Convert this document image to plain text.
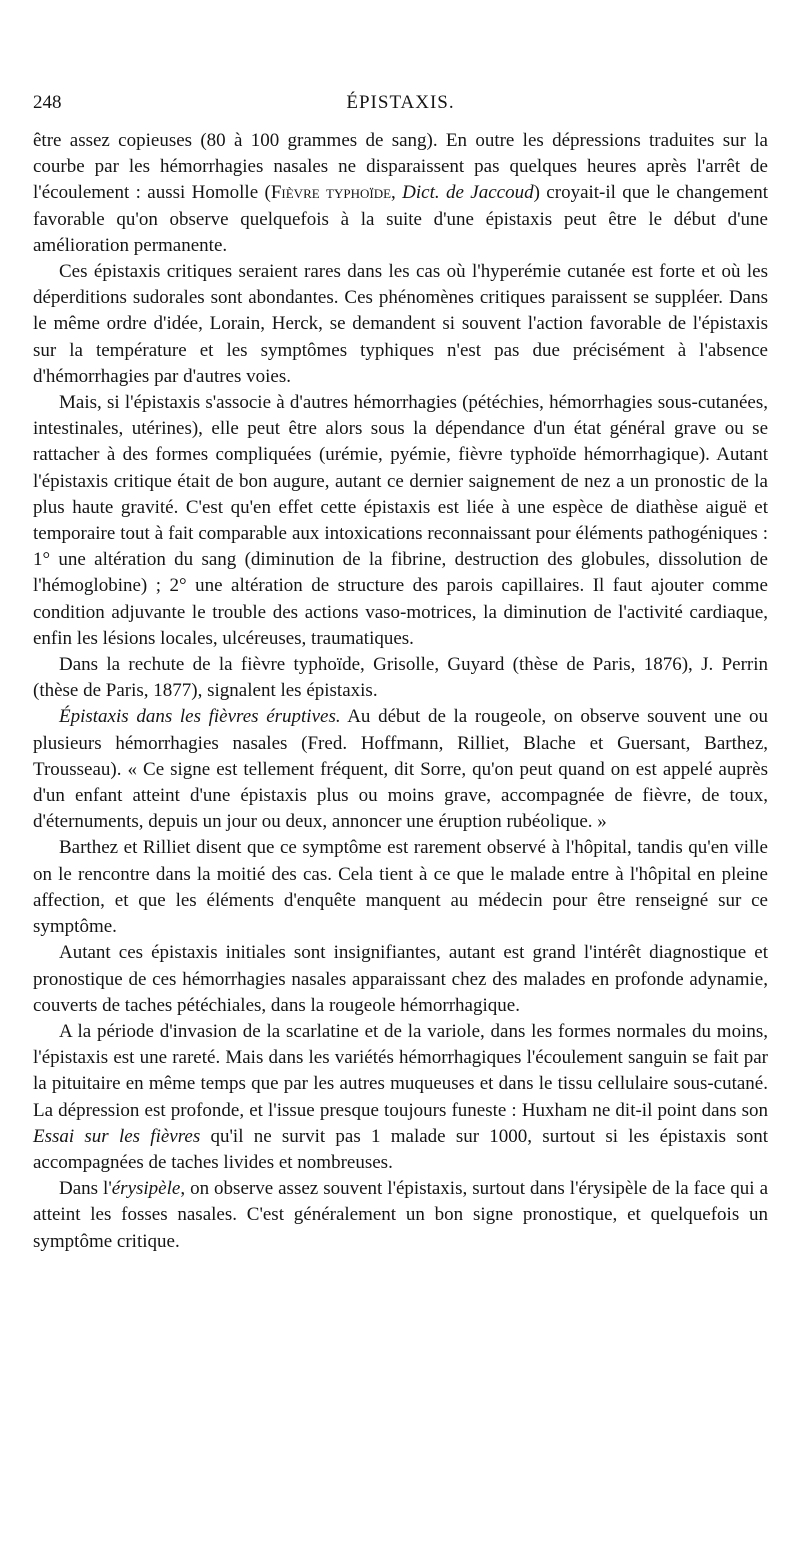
248	ÉPISTAXIS.

être assez copieuses (80 à 100 grammes de sang). En outre les dépressions traduites sur la courbe par les hémorrhagies nasales ne disparaissent pas quelques heures après l'arrêt de l'écoulement : aussi Homolle (Fièvre typhoïde, Dict. de Jaccoud) croyait-il que le changement favorable qu'on observe quelquefois à la suite d'une épistaxis peut être le début d'une amélioration permanente.

Ces épistaxis critiques seraient rares dans les cas où l'hyperémie cutanée est forte et où les déperditions sudorales sont abondantes. Ces phénomènes critiques paraissent se suppléer. Dans le même ordre d'idée, Lorain, Herck, se demandent si souvent l'action favorable de l'épistaxis sur la température et les symptômes typhiques n'est pas due précisément à l'absence d'hémorrhagies par d'autres voies.

Mais, si l'épistaxis s'associe à d'autres hémorrhagies (pétéchies, hémorrhagies sous-cutanées, intestinales, utérines), elle peut être alors sous la dépendance d'un état général grave ou se rattacher à des formes compliquées (urémie, pyémie, fièvre typhoïde hémorrhagique). Autant l'épistaxis critique était de bon augure, autant ce dernier saignement de nez a un pronostic de la plus haute gravité. C'est qu'en effet cette épistaxis est liée à une espèce de diathèse aiguë et temporaire tout à fait comparable aux intoxications reconnaissant pour éléments pathogéniques : 1° une altération du sang (diminution de la fibrine, destruction des globules, dissolution de l'hémoglobine) ; 2° une altération de structure des parois capillaires. Il faut ajouter comme condition adjuvante le trouble des actions vaso-motrices, la diminution de l'activité cardiaque, enfin les lésions locales, ulcéreuses, traumatiques.

Dans la rechute de la fièvre typhoïde, Grisolle, Guyard (thèse de Paris, 1876), J. Perrin (thèse de Paris, 1877), signalent les épistaxis.

Épistaxis dans les fièvres éruptives. Au début de la rougeole, on observe souvent une ou plusieurs hémorrhagies nasales (Fred. Hoffmann, Rilliet, Blache et Guersant, Barthez, Trousseau). « Ce signe est tellement fréquent, dit Sorre, qu'on peut quand on est appelé auprès d'un enfant atteint d'une épistaxis plus ou moins grave, accompagnée de fièvre, de toux, d'éternuments, depuis un jour ou deux, annoncer une éruption rubéolique. »

Barthez et Rilliet disent que ce symptôme est rarement observé à l'hôpital, tandis qu'en ville on le rencontre dans la moitié des cas. Cela tient à ce que le malade entre à l'hôpital en pleine affection, et que les éléments d'enquête manquent au médecin pour être renseigné sur ce symptôme.

Autant ces épistaxis initiales sont insignifiantes, autant est grand l'intérêt diagnostique et pronostique de ces hémorrhagies nasales apparaissant chez des malades en profonde adynamie, couverts de taches pétéchiales, dans la rougeole hémorrhagique.

A la période d'invasion de la scarlatine et de la variole, dans les formes normales du moins, l'épistaxis est une rareté. Mais dans les variétés hémorrhagiques l'écoulement sanguin se fait par la pituitaire en même temps que par les autres muqueuses et dans le tissu cellulaire sous-cutané. La dépression est profonde, et l'issue presque toujours funeste : Huxham ne dit-il point dans son Essai sur les fièvres qu'il ne survit pas 1 malade sur 1000, surtout si les épistaxis sont accompagnées de taches livides et nombreuses.

Dans l'érysipèle, on observe assez souvent l'épistaxis, surtout dans l'érysipèle de la face qui a atteint les fosses nasales. C'est généralement un bon signe pronostique, et quelquefois un symptôme critique.
